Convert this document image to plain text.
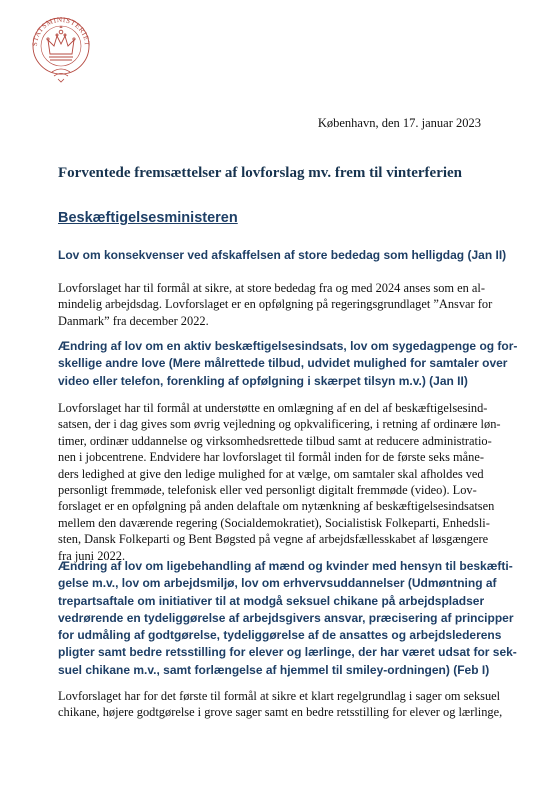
STATSMINISTERIET
København, den 17. januar 2023
Forventede fremsættelser af lovforslag mv. frem til vinterferien
Beskæftigelsesministeren
Lov om konsekvenser ved afskaffelsen af store bededag som helligdag (Jan II)

Lovforslaget har til formål at sikre, at store bededag fra og med 2024 anses som en al-
mindelig arbejdsdag. Lovforslaget er en opfølgning på regeringsgrundlaget ”Ansvar for
Danmark” fra december 2022.

Ændring af lov om en aktiv beskæftigelsesindsats, lov om sygedagpenge og for-
skellige andre love (Mere målrettede tilbud, udvidet mulighed for samtaler over
video eller telefon, forenkling af opfølgning i skærpet tilsyn m.v.) (Jan II)

Lovforslaget har til formål at understøtte en omlægning af en del af beskæftigelsesind-
satsen, der i dag gives som øvrig vejledning og opkvalificering, i retning af ordinære løn-
timer, ordinær uddannelse og virksomhedsrettede tilbud samt at reducere administratio-
nen i jobcentrene. Endvidere har lovforslaget til formål inden for de første seks måne-
ders ledighed at give den ledige mulighed for at vælge, om samtaler skal afholdes ved
personligt fremmøde, telefonisk eller ved personligt digitalt fremmøde (video). Lov-
forslaget er en opfølgning på anden delaftale om nytænkning af beskæftigelsesindsatsen
mellem den daværende regering (Socialdemokratiet), Socialistisk Folkeparti, Enhedsli-
sten, Dansk Folkeparti og Bent Bøgsted på vegne af arbejdsfællesskabet af løsgængere
fra juni 2022.

Ændring af lov om ligebehandling af mænd og kvinder med hensyn til beskæfti-
gelse m.v., lov om arbejdsmiljø, lov om erhvervsuddannelser (Udmøntning af
trepartsaftale om initiativer til at modgå seksuel chikane på arbejdspladser
vedrørende en tydeliggørelse af arbejdsgivers ansvar, præcisering af principper
for udmåling af godtgørelse, tydeliggørelse af de ansattes og arbejdslederens
pligter samt bedre retsstilling for elever og lærlinge, der har været udsat for sek-
suel chikane m.v., samt forlængelse af hjemmel til smiley-ordningen) (Feb I)

Lovforslaget har for det første til formål at sikre et klart regelgrundlag i sager om seksuel
chikane, højere godtgørelse i grove sager samt en bedre retsstilling for elever og lærlinge,
